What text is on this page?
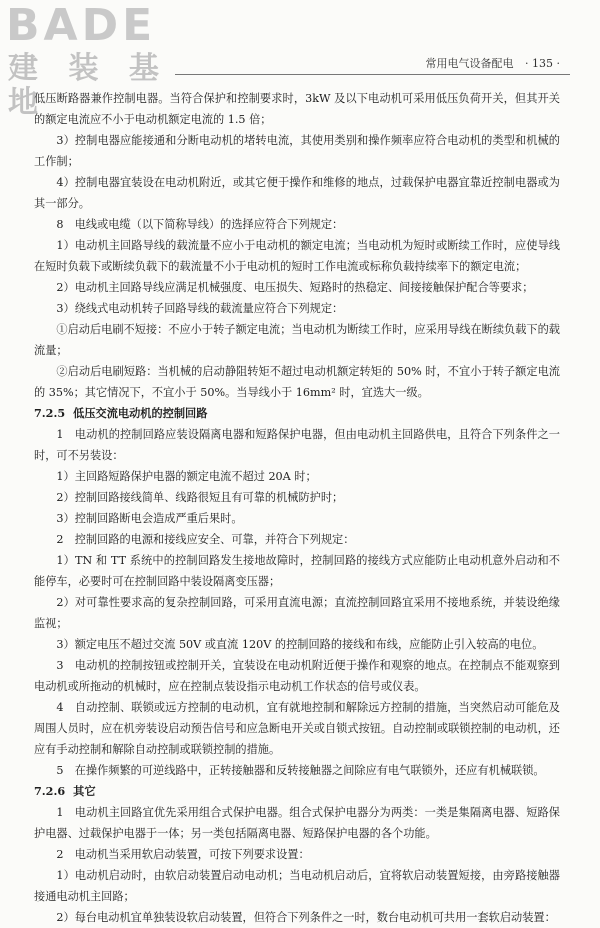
BADE
建 装 基 地
常用电气设备配电 · 135 ·

低压断路器兼作控制电器。当符合保护和控制要求时，3kW 及以下电动机可采用低压负荷开关，但其开关的额定电流应不小于电动机额定电流的 1.5 倍；

3）控制电器应能接通和分断电动机的堵转电流，其使用类别和操作频率应符合电动机的类型和机械的工作制；

4）控制电器宜装设在电动机附近，或其它便于操作和维修的地点，过载保护电器宜靠近控制电器或为其一部分。

8　电线或电缆（以下简称导线）的选择应符合下列规定：

1）电动机主回路导线的载流量不应小于电动机的额定电流；当电动机为短时或断续工作时，应使导线在短时负载下或断续负载下的载流量不小于电动机的短时工作电流或标称负载持续率下的额定电流；

2）电动机主回路导线应满足机械强度、电压损失、短路时的热稳定、间接接触保护配合等要求；

3）绕线式电动机转子回路导线的载流量应符合下列规定：

①启动后电刷不短接：不应小于转子额定电流；当电动机为断续工作时，应采用导线在断续负载下的载流量；

②启动后电刷短路：当机械的启动静阻转矩不超过电动机额定转矩的 50% 时，不宜小于转子额定电流的 35%；其它情况下，不宜小于 50%。当导线小于 16mm² 时，宜选大一级。

7.2.5 低压交流电动机的控制回路

1　电动机的控制回路应装设隔离电器和短路保护电器，但由电动机主回路供电，且符合下列条件之一时，可不另装设：

1）主回路短路保护电器的额定电流不超过 20A 时；

2）控制回路接线简单、线路很短且有可靠的机械防护时；

3）控制回路断电会造成严重后果时。

2　控制回路的电源和接线应安全、可靠，并符合下列规定：

1）TN 和 TT 系统中的控制回路发生接地故障时，控制回路的接线方式应能防止电动机意外启动和不能停车，必要时可在控制回路中装设隔离变压器；

2）对可靠性要求高的复杂控制回路，可采用直流电源；直流控制回路宜采用不接地系统，并装设绝缘监视；

3）额定电压不超过交流 50V 或直流 120V 的控制回路的接线和布线，应能防止引入较高的电位。

3　电动机的控制按钮或控制开关，宜装设在电动机附近便于操作和观察的地点。在控制点不能观察到电动机或所拖动的机械时，应在控制点装设指示电动机工作状态的信号或仪表。

4　自动控制、联锁或远方控制的电动机，宜有就地控制和解除远方控制的措施，当突然启动可能危及周围人员时，应在机旁装设启动预告信号和应急断电开关或自锁式按钮。自动控制或联锁控制的电动机，还应有手动控制和解除自动控制或联锁控制的措施。

5　在操作频繁的可逆线路中，正转接触器和反转接触器之间除应有电气联锁外，还应有机械联锁。

7.2.6 其它

1　电动机主回路宜优先采用组合式保护电器。组合式保护电器分为两类：一类是集隔离电器、短路保护电器、过载保护电器于一体；另一类包括隔离电器、短路保护电器的各个功能。

2　电动机当采用软启动装置，可按下列要求设置：

1）电动机启动时，由软启动装置启动电动机；当电动机启动后，宜将软启动装置短接，由旁路接触器接通电动机主回路；

2）每台电动机宜单独装设软启动装置，但符合下列条件之一时，数台电动机可共用一套软启动装置：
